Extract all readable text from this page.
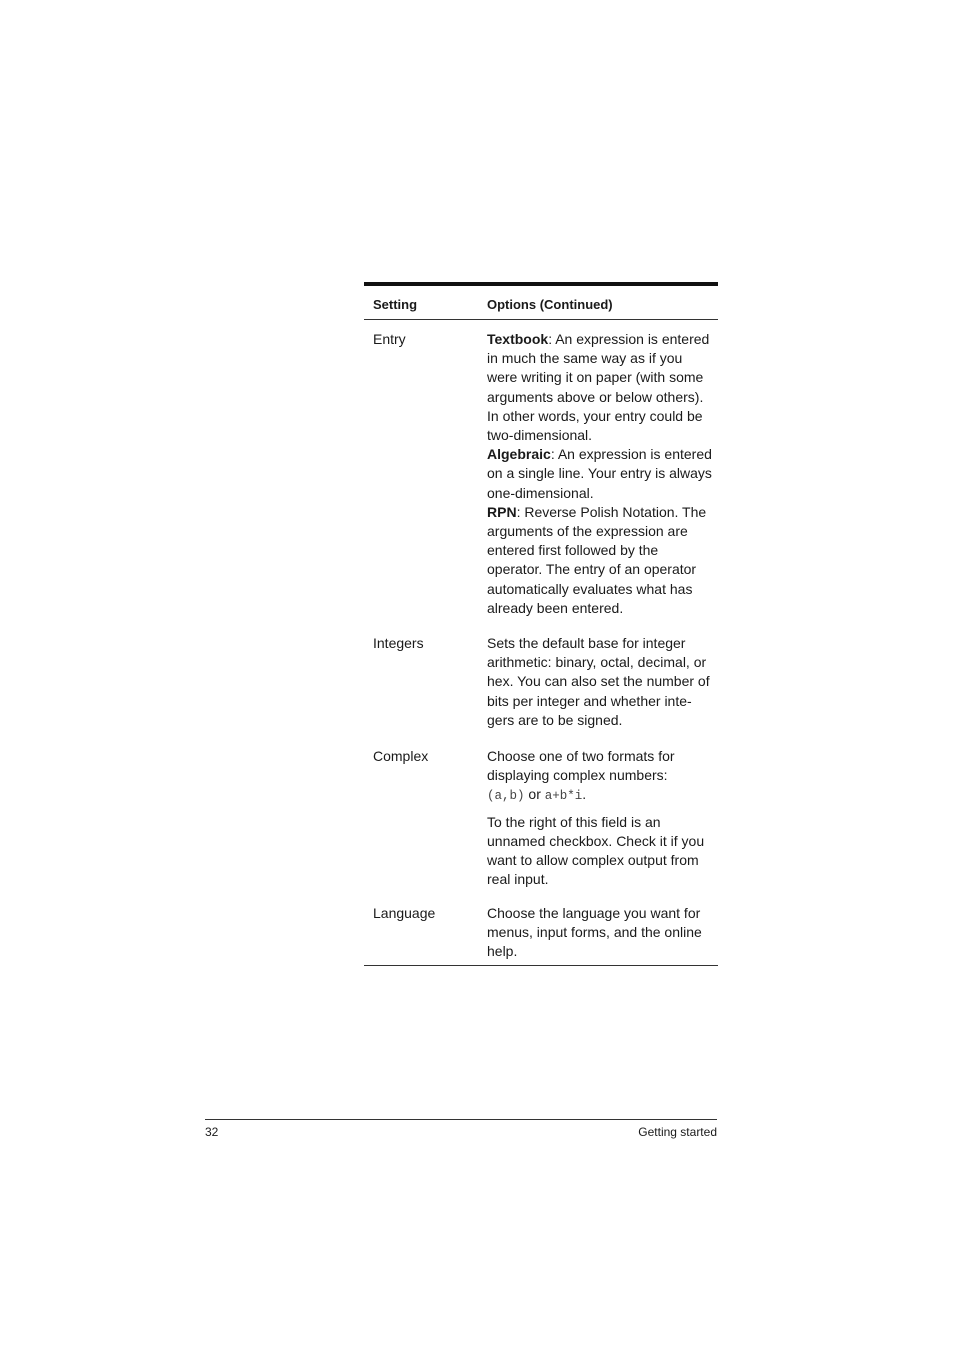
Setting	Options (Continued)
Entry	Textbook: An expression is entered in much the same way as if you were writing it on paper (with some arguments above or below others). In other words, your entry could be two-dimensional.

Algebraic: An expression is entered on a single line. Your entry is always one-dimensional.

RPN: Reverse Polish Notation. The arguments of the expression are entered first followed by the operator. The entry of an operator automatically evaluates what has already been entered.

Integers	Sets the default base for integer arithmetic: binary, octal, decimal, or hex. You can also set the number of bits per integer and whether inte-gers are to be signed.

Complex	Choose one of two formats for displaying complex numbers:
(a,b) or a+b*i.

To the right of this field is an unnamed checkbox. Check it if you want to allow complex output from real input.

Language	Choose the language you want for menus, input forms, and the online help.

32	Getting started
